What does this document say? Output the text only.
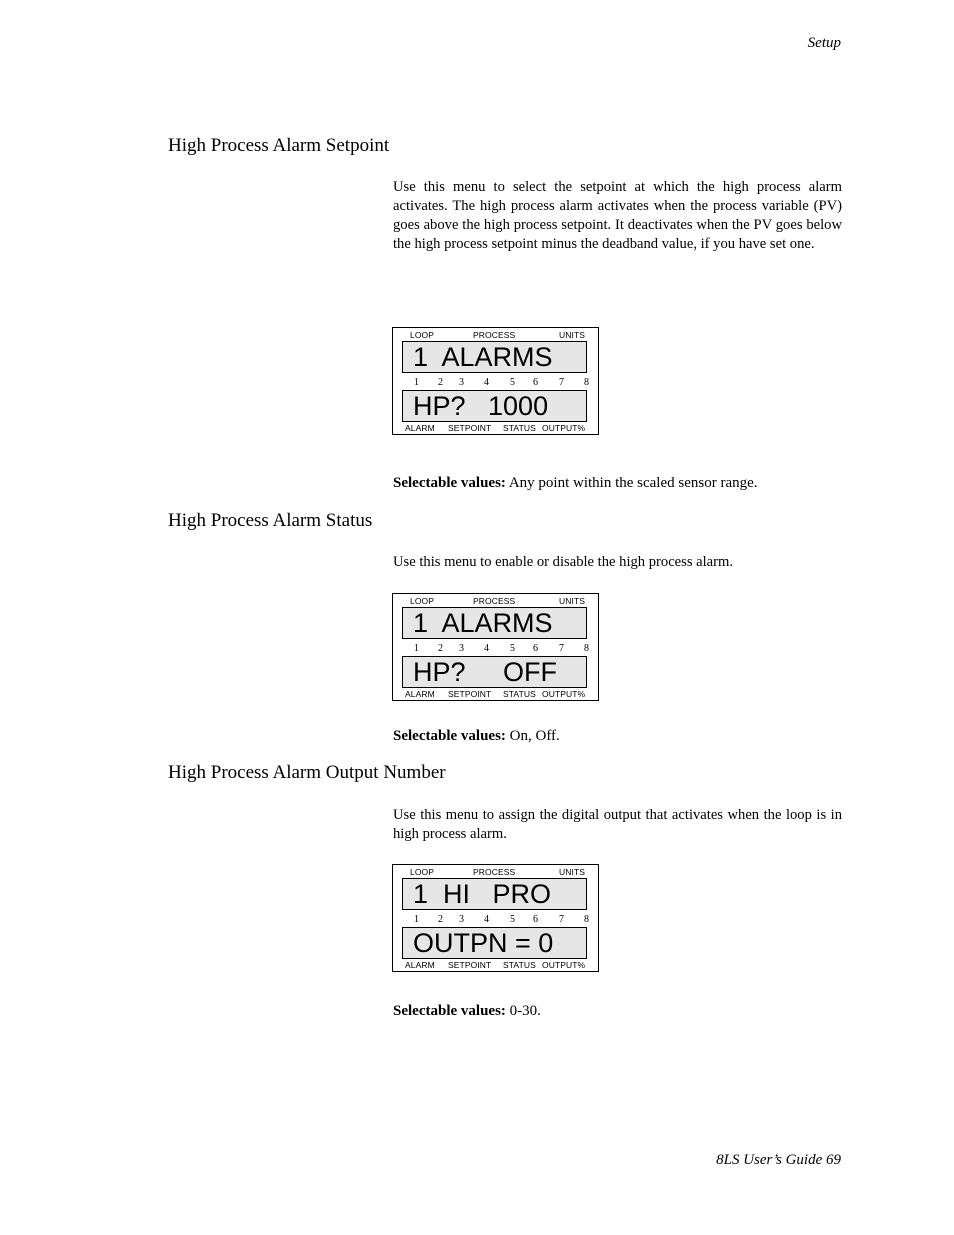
Setup
High Process Alarm Setpoint
Use this menu to select the setpoint at which the high process alarm activates. The high process alarm activates when the process variable (PV) goes above the high process setpoint. It deactivates when the PV goes below the high process setpoint minus the deadband value, if you have set one.
LOOP	PROCESS	UNITS
1  ALARMS
1 2 3 4 5 6 7 8
HP?   1000
ALARM SETPOINT STATUS OUTPUT%
Selectable values: Any point within the scaled sensor range.
High Process Alarm Status
Use this menu to enable or disable the high process alarm.
LOOP	PROCESS	UNITS
1  ALARMS
1 2 3 4 5 6 7 8
HP?     OFF
ALARM SETPOINT STATUS OUTPUT%
Selectable values: On, Off.
High Process Alarm Output Number
Use this menu to assign the digital output that activates when the loop is in high process alarm.
LOOP	PROCESS	UNITS
1  HI   PRO
1 2 3 4 5 6 7 8
OUTPN = 0
ALARM SETPOINT STATUS OUTPUT%
Selectable values: 0-30.
8LS User’s Guide 69
